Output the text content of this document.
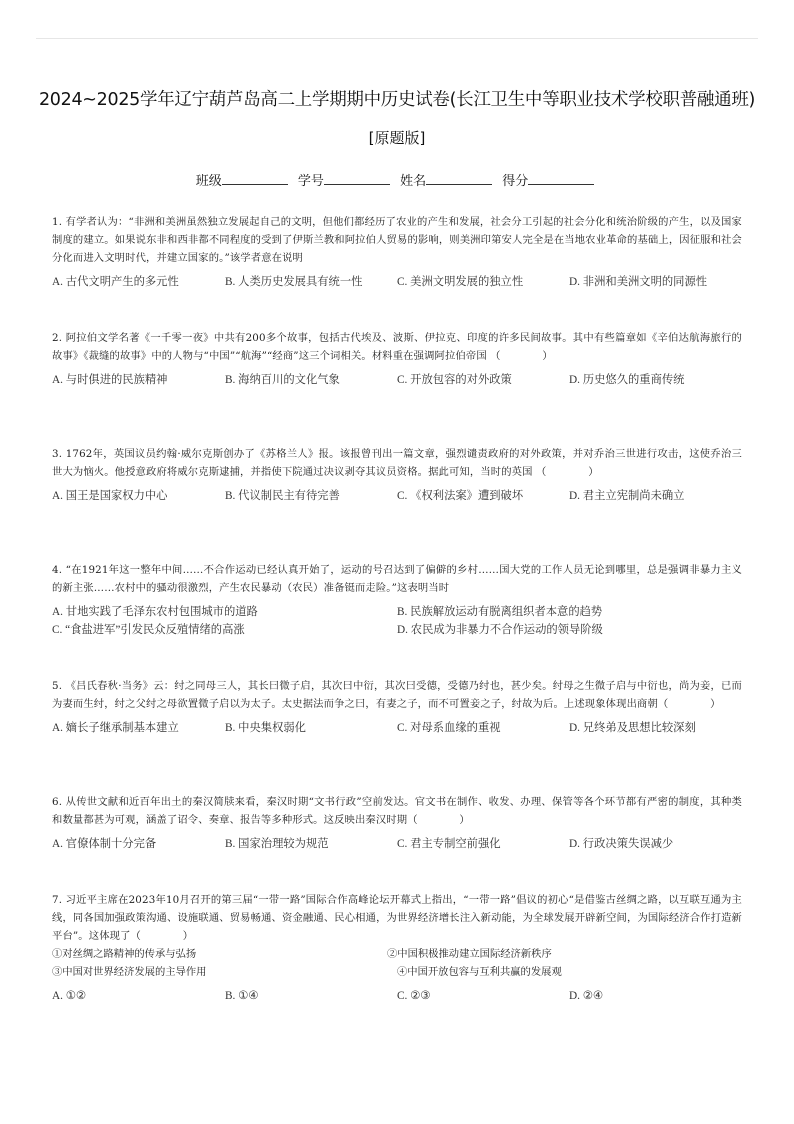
2024~2025学年辽宁葫芦岛高二上学期期中历史试卷(长江卫生中等职业技术学校职普融通班)
[原题版]
班级	学号	姓名	得分

1. 有学者认为：“非洲和美洲虽然独立发展起自己的文明，但他们都经历了农业的产生和发展，社会分工引起的社会分化和统治阶级的产生，以及国家制度的建立。如果说东非和西非都不同程度的受到了伊斯兰教和阿拉伯人贸易的影响，则美洲印第安人完全是在当地农业革命的基础上，因征服和社会分化而进入文明时代，并建立国家的。”该学者意在说明

A. 古代文明产生的多元性	B. 人类历史发展具有统一性	C. 美洲文明发展的独立性	D. 非洲和美洲文明的同源性

2. 阿拉伯文学名著《一千零一夜》中共有200多个故事，包括古代埃及、波斯、伊拉克、印度的许多民间故事。其中有些篇章如《辛伯达航海旅行的故事》《裁缝的故事》中的人物与“中国”“航海”“经商”这三个词相关。材料重在强调阿拉伯帝国 （　　　　）

A. 与时俱进的民族精神	B. 海纳百川的文化气象	C. 开放包容的对外政策	D. 历史悠久的重商传统

3. 1762年，英国议员约翰·威尔克斯创办了《苏格兰人》报。该报曾刊出一篇文章，强烈谴责政府的对外政策，并对乔治三世进行攻击，这使乔治三世大为恼火。他授意政府将威尔克斯逮捕，并指使下院通过决议剥夺其议员资格。据此可知，当时的英国 （　　　　）

A. 国王是国家权力中心	B. 代议制民主有待完善	C. 《权利法案》遭到破坏	D. 君主立宪制尚未确立

4. “在1921年这一整年中间……不合作运动已经认真开始了，运动的号召达到了偏僻的乡村……国大党的工作人员无论到哪里，总是强调非暴力主义的新主张……农村中的骚动很激烈，产生农民暴动（农民）准备铤而走险。”这表明当时

A. 甘地实践了毛泽东农村包围城市的道路	B. 民族解放运动有脱离组织者本意的趋势
C. “食盐进军”引发民众反殖情绪的高涨	D. 农民成为非暴力不合作运动的领导阶级

5. 《吕氏春秋·当务》云：纣之同母三人，其长曰微子启，其次曰中衍，其次曰受德，受德乃纣也，甚少矣。纣母之生微子启与中衍也，尚为妾，已而为妻而生纣，纣之父纣之母欲置微子启以为太子。太史据法而争之曰，有妻之子，而不可置妾之子，纣故为后。上述现象体现出商朝（　　　　）

A. 嫡长子继承制基本建立	B. 中央集权弱化	C. 对母系血缘的重视	D. 兄终弟及思想比较深刻

6. 从传世文献和近百年出土的秦汉简牍来看，秦汉时期“文书行政”空前发达。官文书在制作、收发、办理、保管等各个环节都有严密的制度，其种类和数量都甚为可观，涵盖了诏令、奏章、报告等多种形式。这反映出秦汉时期（　　　　）

A. 官僚体制十分完备	B. 国家治理较为规范	C. 君主专制空前强化	D. 行政决策失误减少

7. 习近平主席在2023年10月召开的第三届“一带一路”国际合作高峰论坛开幕式上指出，“一带一路”倡议的初心“是借鉴古丝绸之路，以互联互通为主线，同各国加强政策沟通、设施联通、贸易畅通、资金融通、民心相通，为世界经济增长注入新动能，为全球发展开辟新空间，为国际经济合作打造新平台”。这体现了（　　　　）

①对丝绸之路精神的传承与弘扬	②中国积极推动建立国际经济新秩序
③中国对世界经济发展的主导作用	④中国开放包容与互利共赢的发展观
A. ①②	B. ①④	C. ②③	D. ②④
